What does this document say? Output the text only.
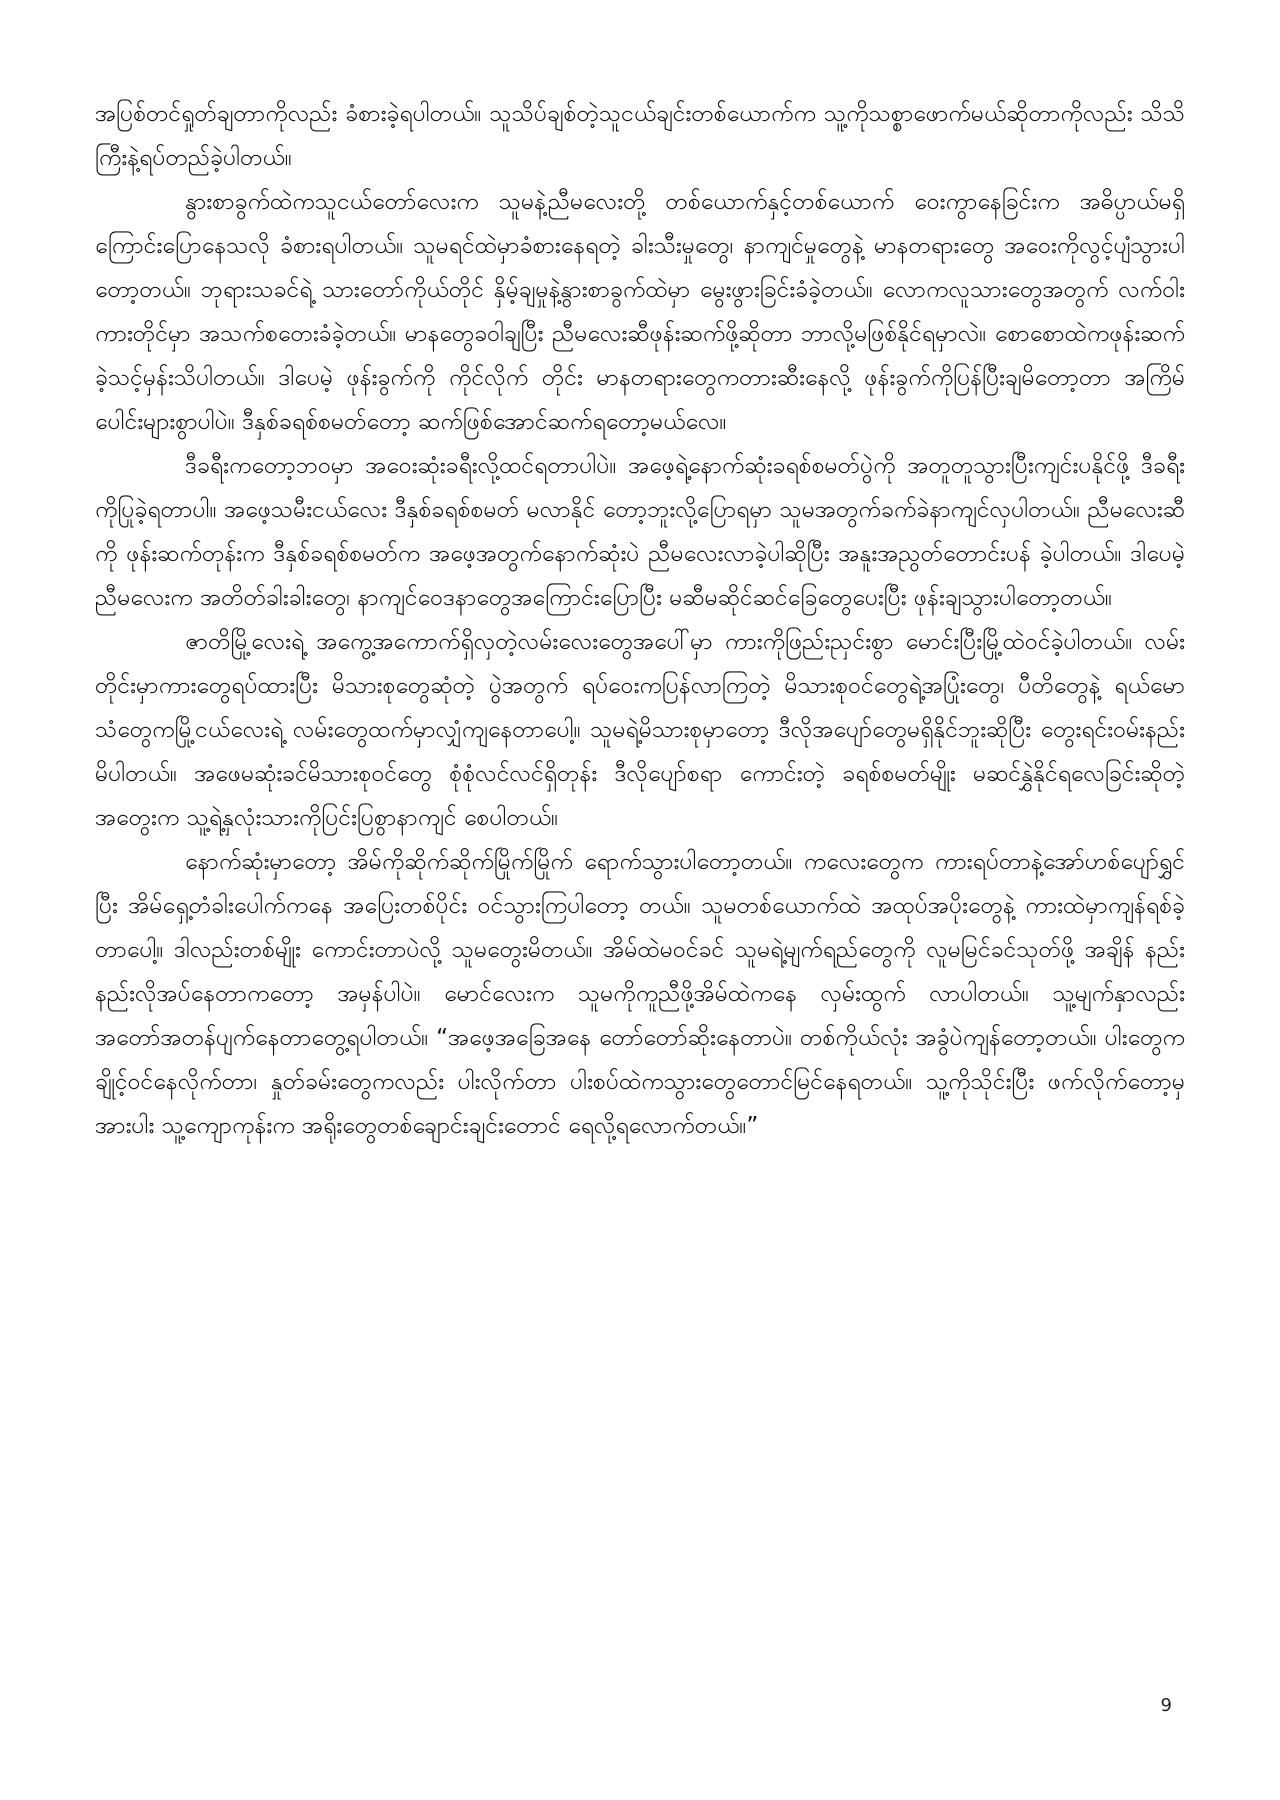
အပြစ်တင်ရှုတ်ချတာကိုလည်း ခံစားခဲ့ရပါတယ်။ သူသိပ်ချစ်တဲ့သူငယ်ချင်းတစ်ယောက်က သူ့ကိုသစ္စာဖောက်မယ်ဆိုတာကိုလည်း သိသိကြီးနဲ့ရပ်တည်ခဲ့ပါတယ်။

နွားစာခွက်ထဲကသူငယ်တော်လေးက သူမနဲ့ညီမလေးတို့ တစ်ယောက်နှင့်တစ်ယောက် ဝေးကွာနေခြင်းက အဓိပ္ပာယ်မရှိကြောင်းပြောနေသလို ခံစားရပါတယ်။ သူမရင်ထဲမှာခံစားနေရတဲ့ ခါးသီးမှုတွေ၊ နာကျင်မှုတွေနဲ့ မာနတရားတွေ အဝေးကိုလွင့်ပျံသွားပါတော့တယ်။ ဘုရားသခင်ရဲ့ သားတော်ကိုယ်တိုင် နှိမ့်ချမှုနဲ့နွားစာခွက်ထဲမှာ မွေးဖွားခြင်းခံခဲ့တယ်။ လောကလူသားတွေအတွက် လက်ဝါးကားတိုင်မှာ အသက်စတေးခံခဲ့တယ်။ မာနတွေခဝါချပြီး ညီမလေးဆီဖုန်းဆက်ဖို့ဆိုတာ ဘာလို့မဖြစ်နိုင်ရမှာလဲ။ စောစောထဲကဖုန်းဆက်ခဲ့သင့်မှန်းသိပါတယ်။ ဒါပေမဲ့ ဖုန်းခွက်ကို ကိုင်လိုက် တိုင်း မာနတရားတွေကတားဆီးနေလို့ ဖုန်းခွက်ကိုပြန်ပြီးချမိတော့တာ အကြိမ်ပေါင်းများစွာပါပဲ။ ဒီနှစ်ခရစ်စမတ်တော့ ဆက်ဖြစ်အောင်ဆက်ရတော့မယ်လေ။

ဒီခရီးကတော့ဘဝမှာ အဝေးဆုံးခရီးလို့ထင်ရတာပါပဲ။ အဖေ့ရဲ့နောက်ဆုံးခရစ်စမတ်ပွဲကို အတူတူသွားပြီးကျင်းပနိုင်ဖို့ ဒီခရီးကိုပြုခဲ့ရတာပါ။ အဖေ့သမီးငယ်လေး ဒီနှစ်ခရစ်စမတ် မလာနိုင် တော့ဘူးလို့ပြောရမှာ သူမအတွက်ခက်ခဲနာကျင်လှပါတယ်။ ညီမလေးဆီကို ဖုန်းဆက်တုန်းက ဒီနှစ်ခရစ်စမတ်က အဖေ့အတွက်နောက်ဆုံးပဲ ညီမလေးလာခဲ့ပါဆိုပြီး အနူးအညွတ်တောင်းပန် ခဲ့ပါတယ်။ ဒါပေမဲ့ညီမလေးက အတိတ်ခါးခါးတွေ၊ နာကျင်ဝေဒနာတွေအကြောင်းပြောပြီး မဆီမဆိုင်ဆင်ခြေတွေပေးပြီး ဖုန်းချသွားပါတော့တယ်။

ဇာတိမြို့လေးရဲ့ အကွေ့အကောက်ရှိလှတဲ့လမ်းလေးတွေအပေါ်မှာ ကားကိုဖြည်းညှင်းစွာ မောင်းပြီးမြို့ထဲဝင်ခဲ့ပါတယ်။ လမ်းတိုင်းမှာကားတွေရပ်ထားပြီး မိသားစုတွေဆုံတဲ့ ပွဲအတွက် ရပ်ဝေးကပြန်လာကြတဲ့ မိသားစုဝင်တွေရဲ့အပြုံးတွေ၊ ပီတိတွေနဲ့ ရယ်မောသံတွေကမြို့ငယ်လေးရဲ့ လမ်းတွေထက်မှာလျှံကျနေတာပေါ့။ သူမရဲ့မိသားစုမှာတော့ ဒီလိုအပျော်တွေမရှိနိုင်ဘူးဆိုပြီး တွေးရင်းဝမ်းနည်းမိပါတယ်။ အဖေမဆုံးခင်မိသားစုဝင်တွေ စုံစုံလင်လင်ရှိတုန်း ဒီလိုပျော်စရာ ကောင်းတဲ့ ခရစ်စမတ်မျိုး မဆင်နွှဲနိုင်ရလေခြင်းဆိုတဲ့အတွေးက သူ့ရဲ့နှလုံးသားကိုပြင်းပြစွာနာကျင် စေပါတယ်။

နောက်ဆုံးမှာတော့ အိမ်ကိုဆိုက်ဆိုက်မြိုက်မြိုက် ရောက်သွားပါတော့တယ်။ ကလေးတွေက ကားရပ်တာနဲ့အော်ဟစ်ပျော်ရွှင်ပြီး အိမ်ရှေ့တံခါးပေါက်ကနေ အပြေးတစ်ပိုင်း ဝင်သွားကြပါတော့ တယ်။ သူမတစ်ယောက်ထဲ အထုပ်အပိုးတွေနဲ့ ကားထဲမှာကျန်ရစ်ခဲ့တာပေါ့။ ဒါလည်းတစ်မျိုး ကောင်းတာပဲလို့ သူမတွေးမိတယ်။ အိမ်ထဲမဝင်ခင် သူမရဲ့မျက်ရည်တွေကို လူမမြင်ခင်သုတ်ဖို့ အချိန် နည်းနည်းလိုအပ်နေတာကတော့ အမှန်ပါပဲ။ မောင်လေးက သူမကိုကူညီဖို့အိမ်ထဲကနေ လှမ်းထွက် လာပါတယ်။ သူ့မျက်နှာလည်း အတော်အတန်ပျက်နေတာတွေ့ရပါတယ်။ “အဖေ့အခြေအနေ တော်တော်ဆိုးနေတာပဲ။ တစ်ကိုယ်လုံး အခွံပဲကျန်တော့တယ်။ ပါးတွေကချိုင့်ဝင်နေလိုက်တာ၊ နှုတ်ခမ်းတွေကလည်း ပါးလိုက်တာ ပါးစပ်ထဲကသွားတွေတောင်မြင်နေရတယ်။ သူ့ကိုသိုင်းပြီး ဖက်လိုက်တော့မှ အားပါး သူ့ကျောကုန်းက အရိုးတွေတစ်ချောင်းချင်းတောင် ရေလို့ရလောက်တယ်။”

9
